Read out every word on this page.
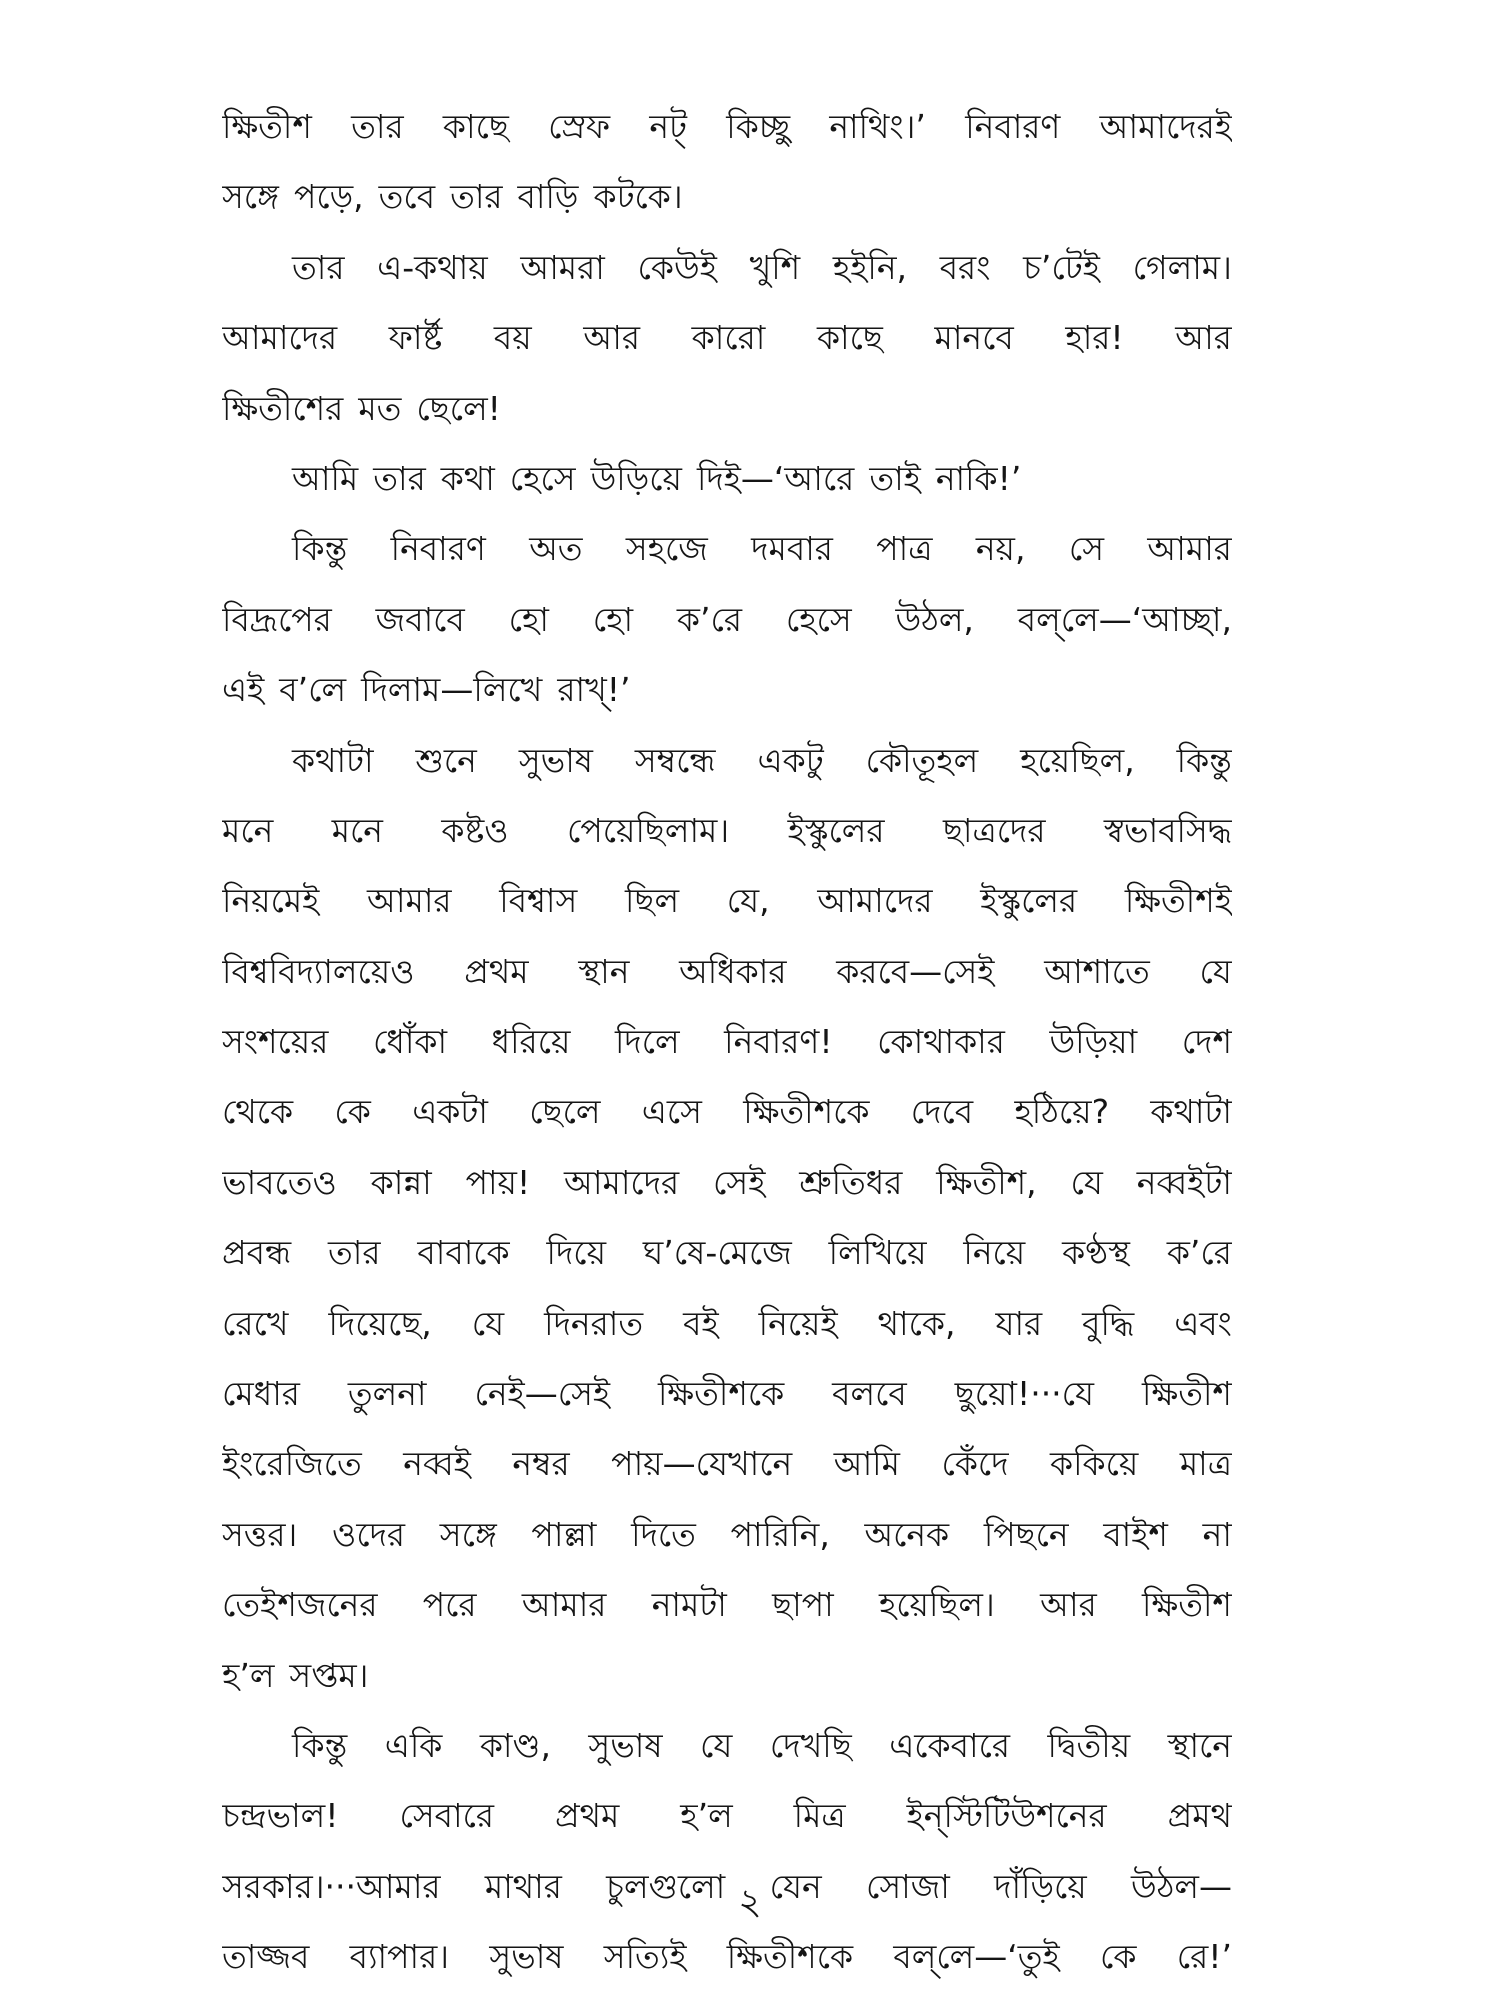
ক্ষিতীশ তার কাছে স্রেফ নট্‌ কিচ্ছু নাথিং।’ নিবারণ আমাদেরই
সঙ্গে পড়ে, তবে তার বাড়ি কটকে।
তার এ-কথায় আমরা কেউই খুশি হইনি, বরং চ’টেই গেলাম।
আমাদের ফার্ষ্ট বয় আর কারো কাছে মানবে হার! আর
ক্ষিতীশের মত ছেলে!
আমি তার কথা হেসে উড়িয়ে দিই—‘আরে তাই নাকি!’
কিন্তু নিবারণ অত সহজে দমবার পাত্র নয়, সে আমার
বিদ্রূপের জবাবে হো হো ক’রে হেসে উঠল, বল্‌লে—‘আচ্ছা,
এই ব’লে দিলাম—লিখে রাখ্‌!’
কথাটা শুনে সুভাষ সম্বন্ধে একটু কৌতূহল হয়েছিল, কিন্তু
মনে মনে কষ্টও পেয়েছিলাম। ইস্কুলের ছাত্রদের স্বভাবসিদ্ধ
নিয়মেই আমার বিশ্বাস ছিল যে, আমাদের ইস্কুলের ক্ষিতীশই
বিশ্ববিদ্যালয়েও প্রথম স্থান অধিকার করবে—সেই আশাতে যে
সংশয়ের ধোঁকা ধরিয়ে দিলে নিবারণ! কোথাকার উড়িয়া দেশ
থেকে কে একটা ছেলে এসে ক্ষিতীশকে দেবে হঠিয়ে? কথাটা
ভাবতেও কান্না পায়! আমাদের সেই শ্রুতিধর ক্ষিতীশ, যে নব্বইটা
প্রবন্ধ তার বাবাকে দিয়ে ঘ’ষে-মেজে লিখিয়ে নিয়ে কণ্ঠস্থ ক’রে
রেখে দিয়েছে, যে দিনরাত বই নিয়েই থাকে, যার বুদ্ধি এবং
মেধার তুলনা নেই—সেই ক্ষিতীশকে বলবে ছুয়ো!···যে ক্ষিতীশ
ইংরেজিতে নব্বই নম্বর পায়—যেখানে আমি কেঁদে ককিয়ে মাত্র
সত্তর। ওদের সঙ্গে পাল্লা দিতে পারিনি, অনেক পিছনে বাইশ না
তেইশজনের পরে আমার নামটা ছাপা হয়েছিল। আর ক্ষিতীশ
হ’ল সপ্তম।
কিন্তু একি কাণ্ড, সুভাষ যে দেখছি একেবারে দ্বিতীয় স্থানে
চন্দ্রভাল! সেবারে প্রথম হ’ল মিত্র ইন্‌স্টিটিউশনের প্রমথ
সরকার।···আমার মাথার চুলগুলো যেন সোজা দাঁড়িয়ে উঠল—
তাজ্জব ব্যাপার। সুভাষ সত্যিই ক্ষিতীশকে বল্‌লে—‘তুই কে রে!’
২
